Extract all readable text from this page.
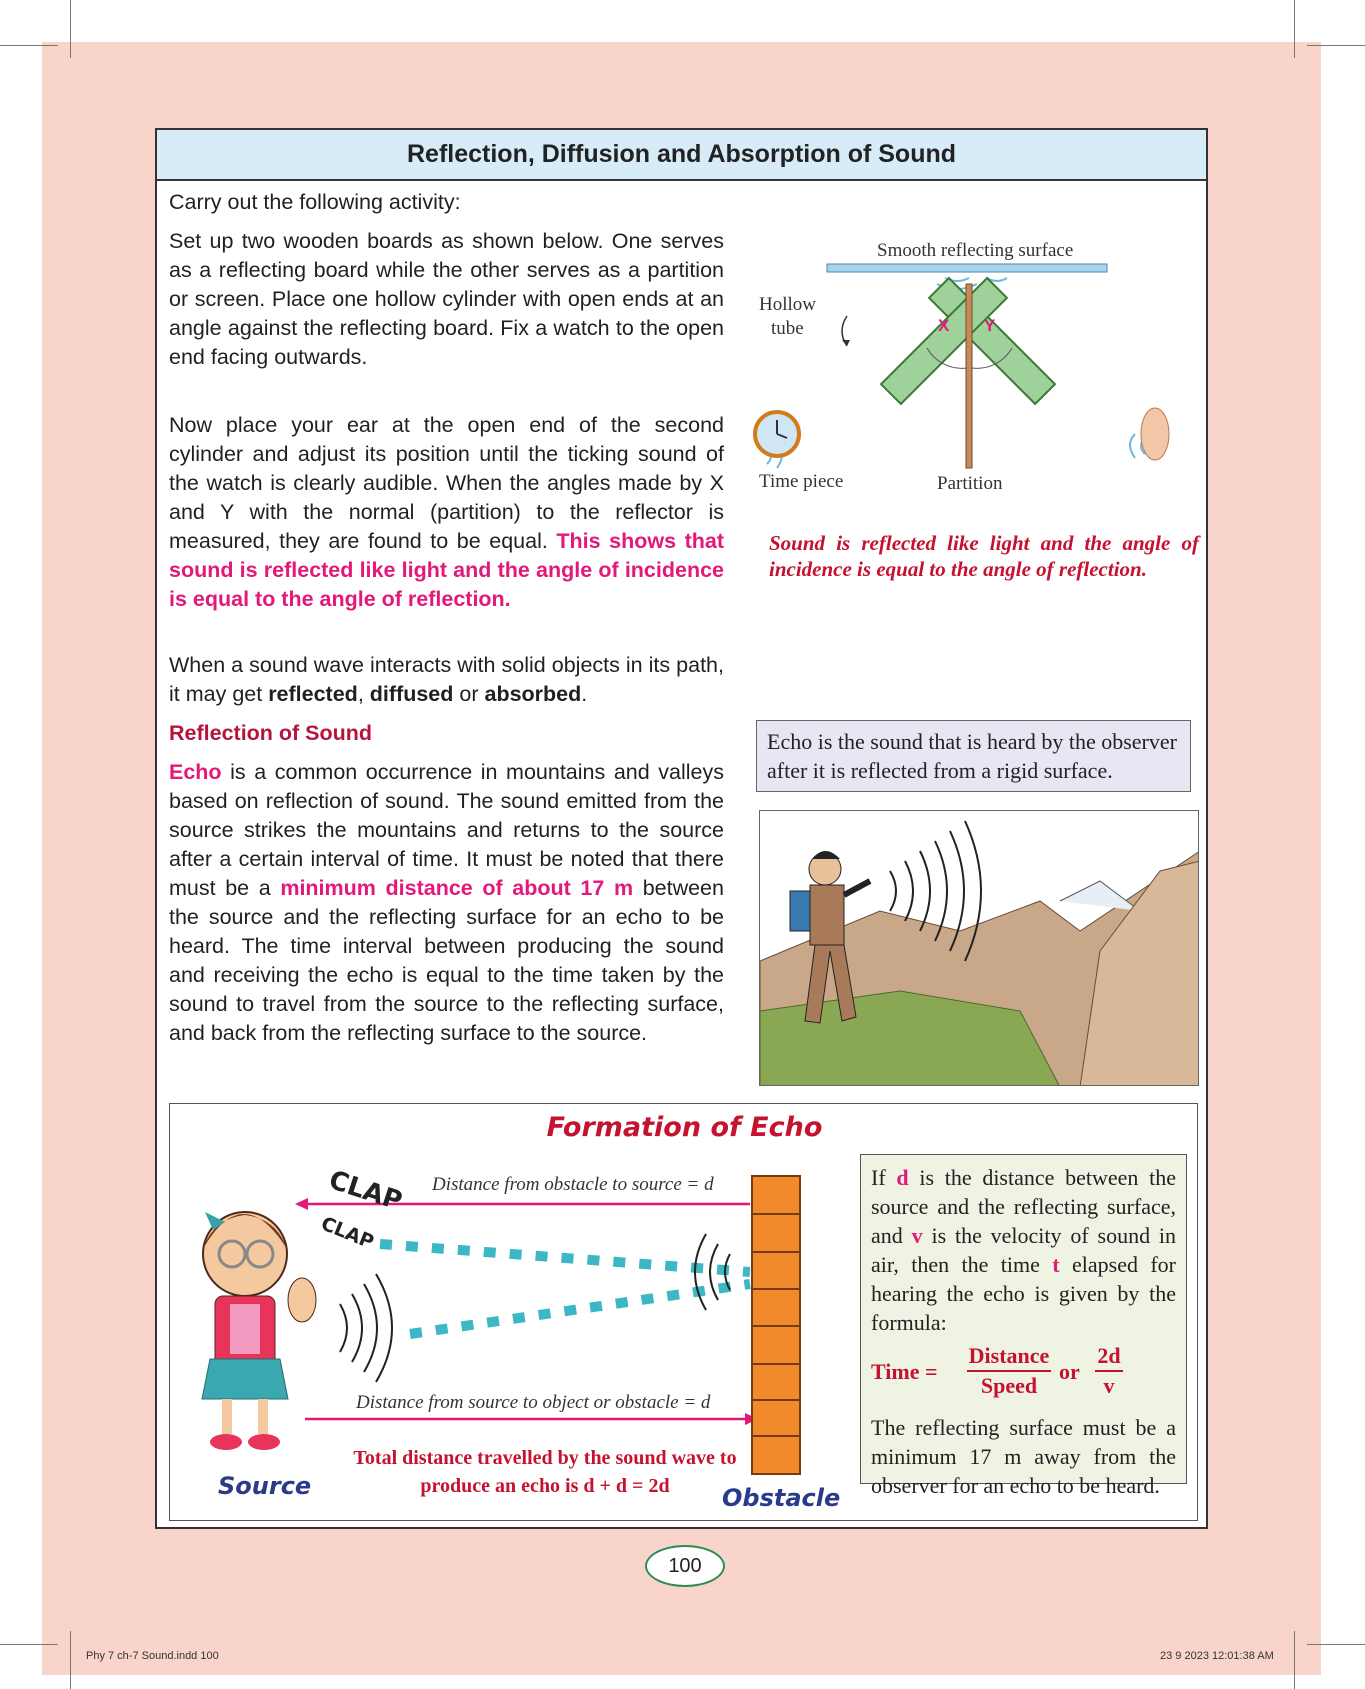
Reflection, Diffusion and Absorption of Sound
Carry out the following activity:
Set up two wooden boards as shown below. One serves as a reflecting board while the other serves as a partition or screen. Place one hollow cylinder with open ends at an angle against the reflecting board. Fix a watch to the open end facing outwards.
Now place your ear at the open end of the second cylinder and adjust its position until the ticking sound of the watch is clearly audible. When the angles made by X and Y with the normal (partition) to the reflector is measured, they are found to be equal. This shows that sound is reflected like light and the angle of incidence is equal to the angle of reflection.
When a sound wave interacts with solid objects in its path, it may get reflected, diffused or absorbed.
Reflection of Sound
Echo is a common occurrence in mountains and valleys based on reflection of sound. The sound emitted from the source strikes the mountains and returns to the source after a certain interval of time. It must be noted that there must be a minimum distance of about 17 m between the source and the reflecting surface for an echo to be heard. The time interval between producing the sound and receiving the echo is equal to the time taken by the sound to travel from the source to the reflecting surface, and back from the reflecting surface to the source.
Smooth reflecting surface
Hollow
tube	X Y
Time piece	Partition
Sound is reflected like light and the angle of incidence is equal to the angle of reflection.
Echo is the sound that is heard by the observer after it is reflected from a rigid surface.
Formation of Echo
Distance from obstacle to source = d
Distance from source to object or obstacle = d
CLAP
CLAP
Total distance travelled by the sound wave to produce an echo is d + d = 2d
Source	Obstacle
If d is the distance between the source and the reflecting surface, and v is the velocity of sound in air, then the time t elapsed for hearing the echo is given by the formula:
Time =
Distance
Speed
or
2d
v
The reflecting surface must be a minimum 17 m away from the observer for an echo to be heard.
100
Phy 7 ch-7 Sound.indd 100	23 9 2023 12:01:38 AM
